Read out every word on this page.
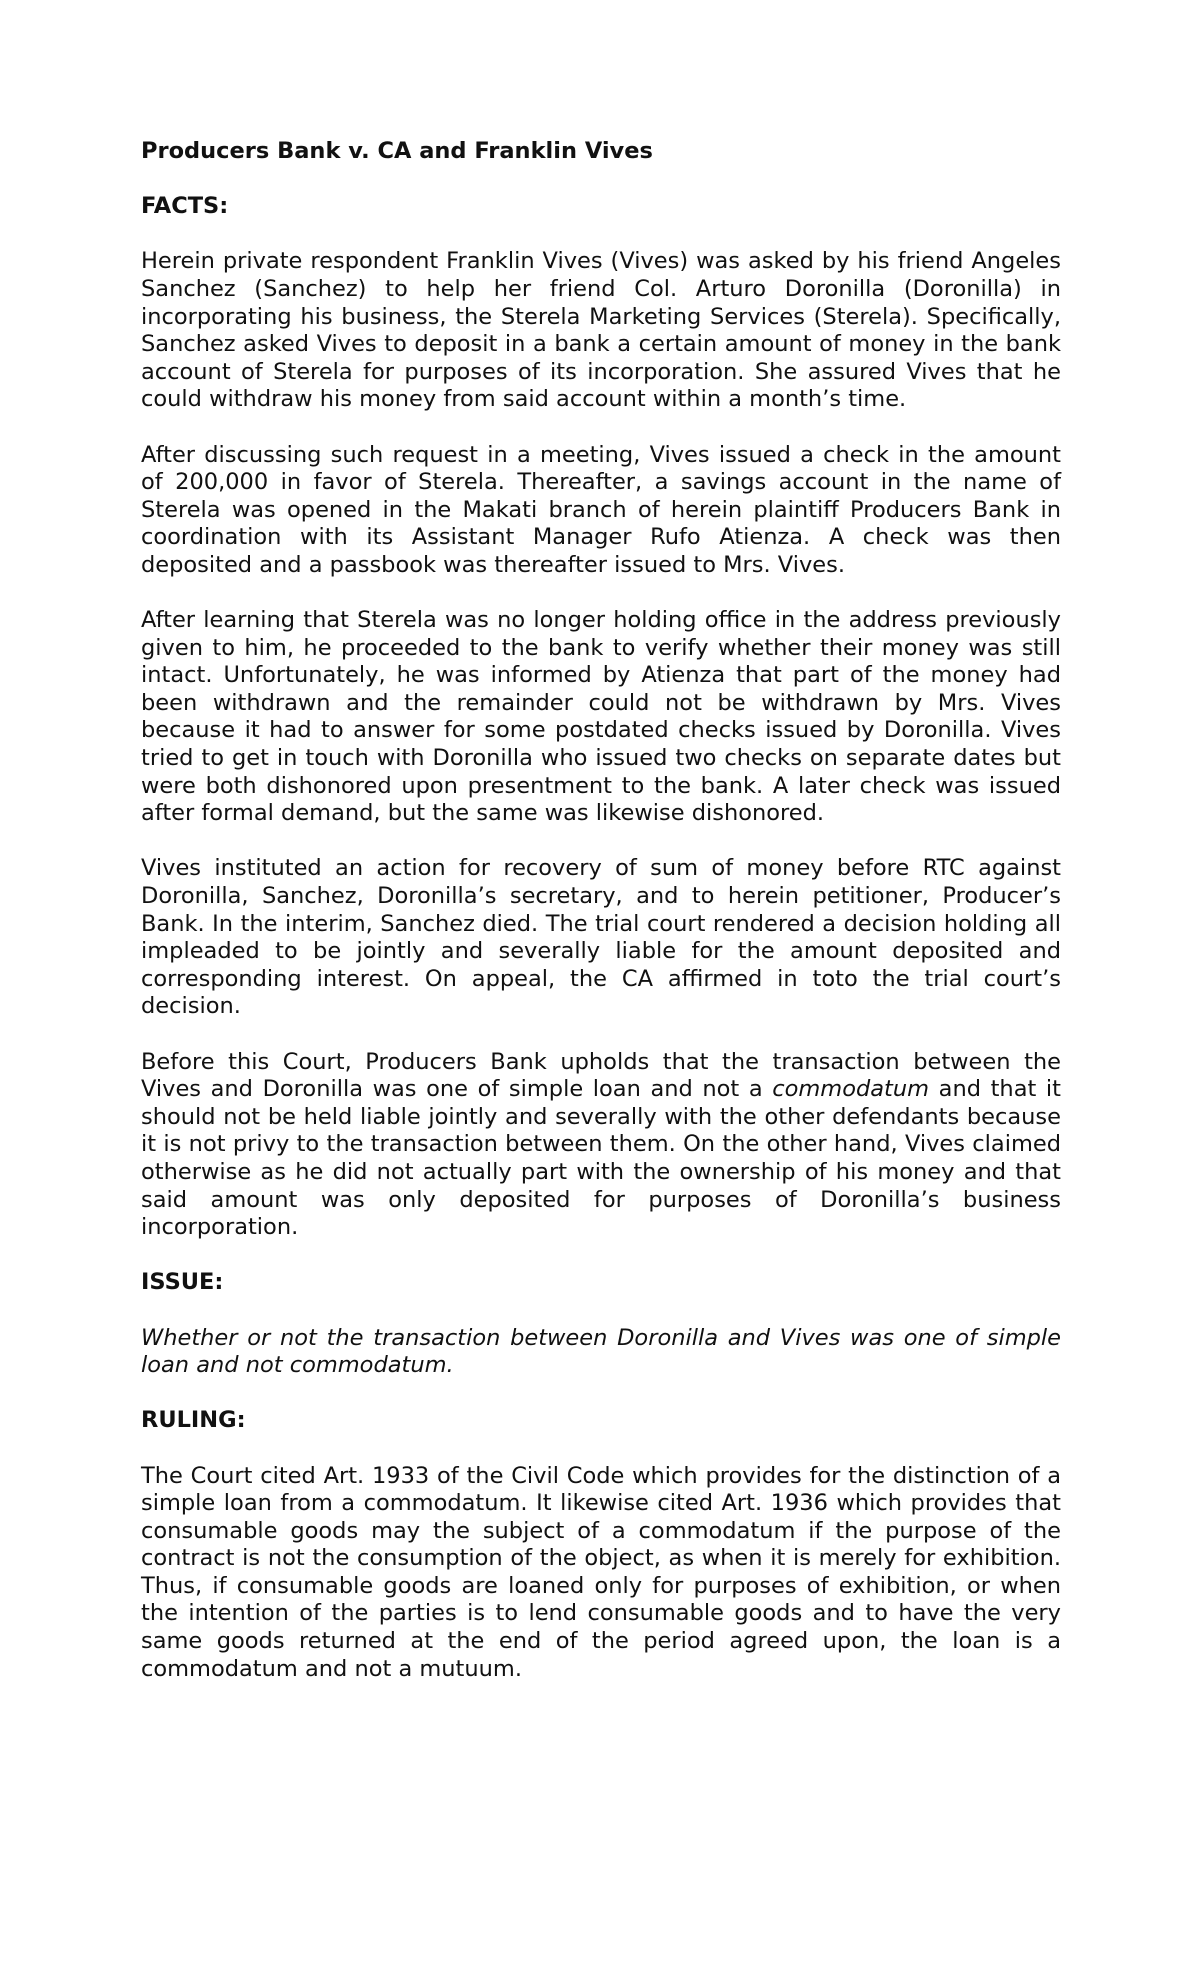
Producers Bank v. CA and Franklin Vives
FACTS:

Herein private respondent Franklin Vives (Vives) was asked by his friend Angeles Sanchez (Sanchez) to help her friend Col. Arturo Doronilla (Doronilla) in incorporating his business, the Sterela Marketing Services (Sterela). Specifically, Sanchez asked Vives to deposit in a bank a certain amount of money in the bank account of Sterela for purposes of its incorporation. She assured Vives that he could withdraw his money from said account within a month’s time.

After discussing such request in a meeting, Vives issued a check in the amount of 200,000 in favor of Sterela. Thereafter, a savings account in the name of Sterela was opened in the Makati branch of herein plaintiff Producers Bank in coordination with its Assistant Manager Rufo Atienza. A check was then deposited and a passbook was thereafter issued to Mrs. Vives.

After learning that Sterela was no longer holding office in the address previously given to him, he proceeded to the bank to verify whether their money was still intact. Unfortunately, he was informed by Atienza that part of the money had been withdrawn and the remainder could not be withdrawn by Mrs. Vives because it had to answer for some postdated checks issued by Doronilla. Vives tried to get in touch with Doronilla who issued two checks on separate dates but were both dishonored upon presentment to the bank. A later check was issued after formal demand, but the same was likewise dishonored.

Vives instituted an action for recovery of sum of money before RTC against Doronilla, Sanchez, Doronilla’s secretary, and to herein petitioner, Producer’s Bank. In the interim, Sanchez died. The trial court rendered a decision holding all impleaded to be jointly and severally liable for the amount deposited and corresponding interest. On appeal, the CA affirmed in toto the trial court’s decision.

Before this Court, Producers Bank upholds that the transaction between the Vives and Doronilla was one of simple loan and not a commodatum and that it should not be held liable jointly and severally with the other defendants because it is not privy to the transaction between them. On the other hand, Vives claimed otherwise as he did not actually part with the ownership of his money and that said amount was only deposited for purposes of Doronilla’s business incorporation.

ISSUE:

Whether or not the transaction between Doronilla and Vives was one of simple loan and not commodatum.

RULING:

The Court cited Art. 1933 of the Civil Code which provides for the distinction of a simple loan from a commodatum. It likewise cited Art. 1936 which provides that consumable goods may the subject of a commodatum if the purpose of the contract is not the consumption of the object, as when it is merely for exhibition. Thus, if consumable goods are loaned only for purposes of exhibition, or when the intention of the parties is to lend consumable goods and to have the very same goods returned at the end of the period agreed upon, the loan is a commodatum and not a mutuum.
